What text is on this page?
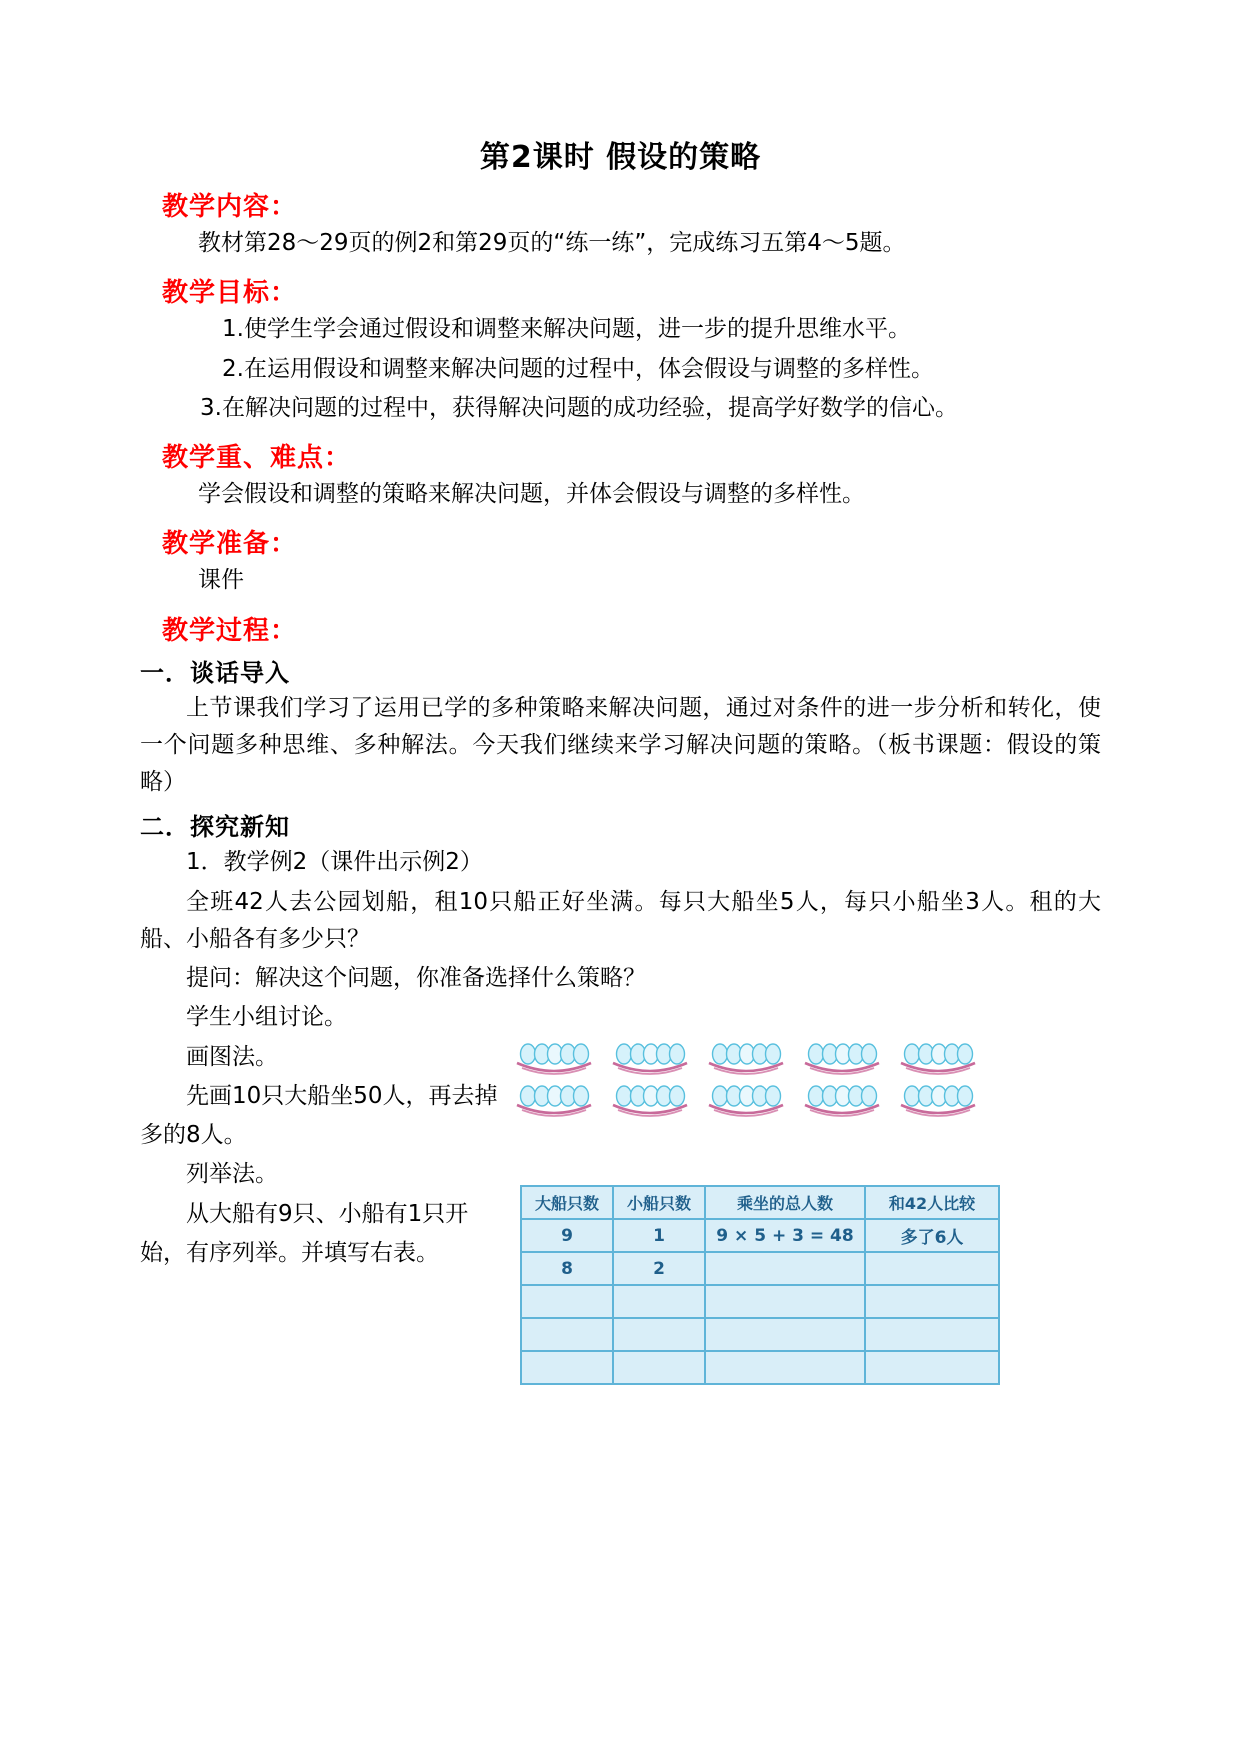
第2课时 假设的策略
教学内容：
教材第28～29页的例2和第29页的“练一练”，完成练习五第4～5题。
教学目标：
1.使学生学会通过假设和调整来解决问题，进一步的提升思维水平。
2.在运用假设和调整来解决问题的过程中，体会假设与调整的多样性。
3.在解决问题的过程中，获得解决问题的成功经验，提高学好数学的信心。
教学重、难点：
学会假设和调整的策略来解决问题，并体会假设与调整的多样性。
教学准备：
课件
教学过程：
一．谈话导入
上节课我们学习了运用已学的多种策略来解决问题，通过对条件的进一步分析和转化，使一个问题多种思维、多种解法。今天我们继续来学习解决问题的策略。（板书课题：假设的策略）
二．探究新知
1．教学例2（课件出示例2）
全班42人去公园划船，租10只船正好坐满。每只大船坐5人，每只小船坐3人。租的大船、小船各有多少只？
提问：解决这个问题，你准备选择什么策略？
学生小组讨论。
画图法。
先画10只大船坐50人，再去掉
多的8人。
列举法。
从大船有9只、小船有1只开
始，有序列举。并填写右表。
大船只数	小船只数	乘坐的总人数	和42人比较
9	1	9 × 5 + 3 = 48	多了6人
8	2		
